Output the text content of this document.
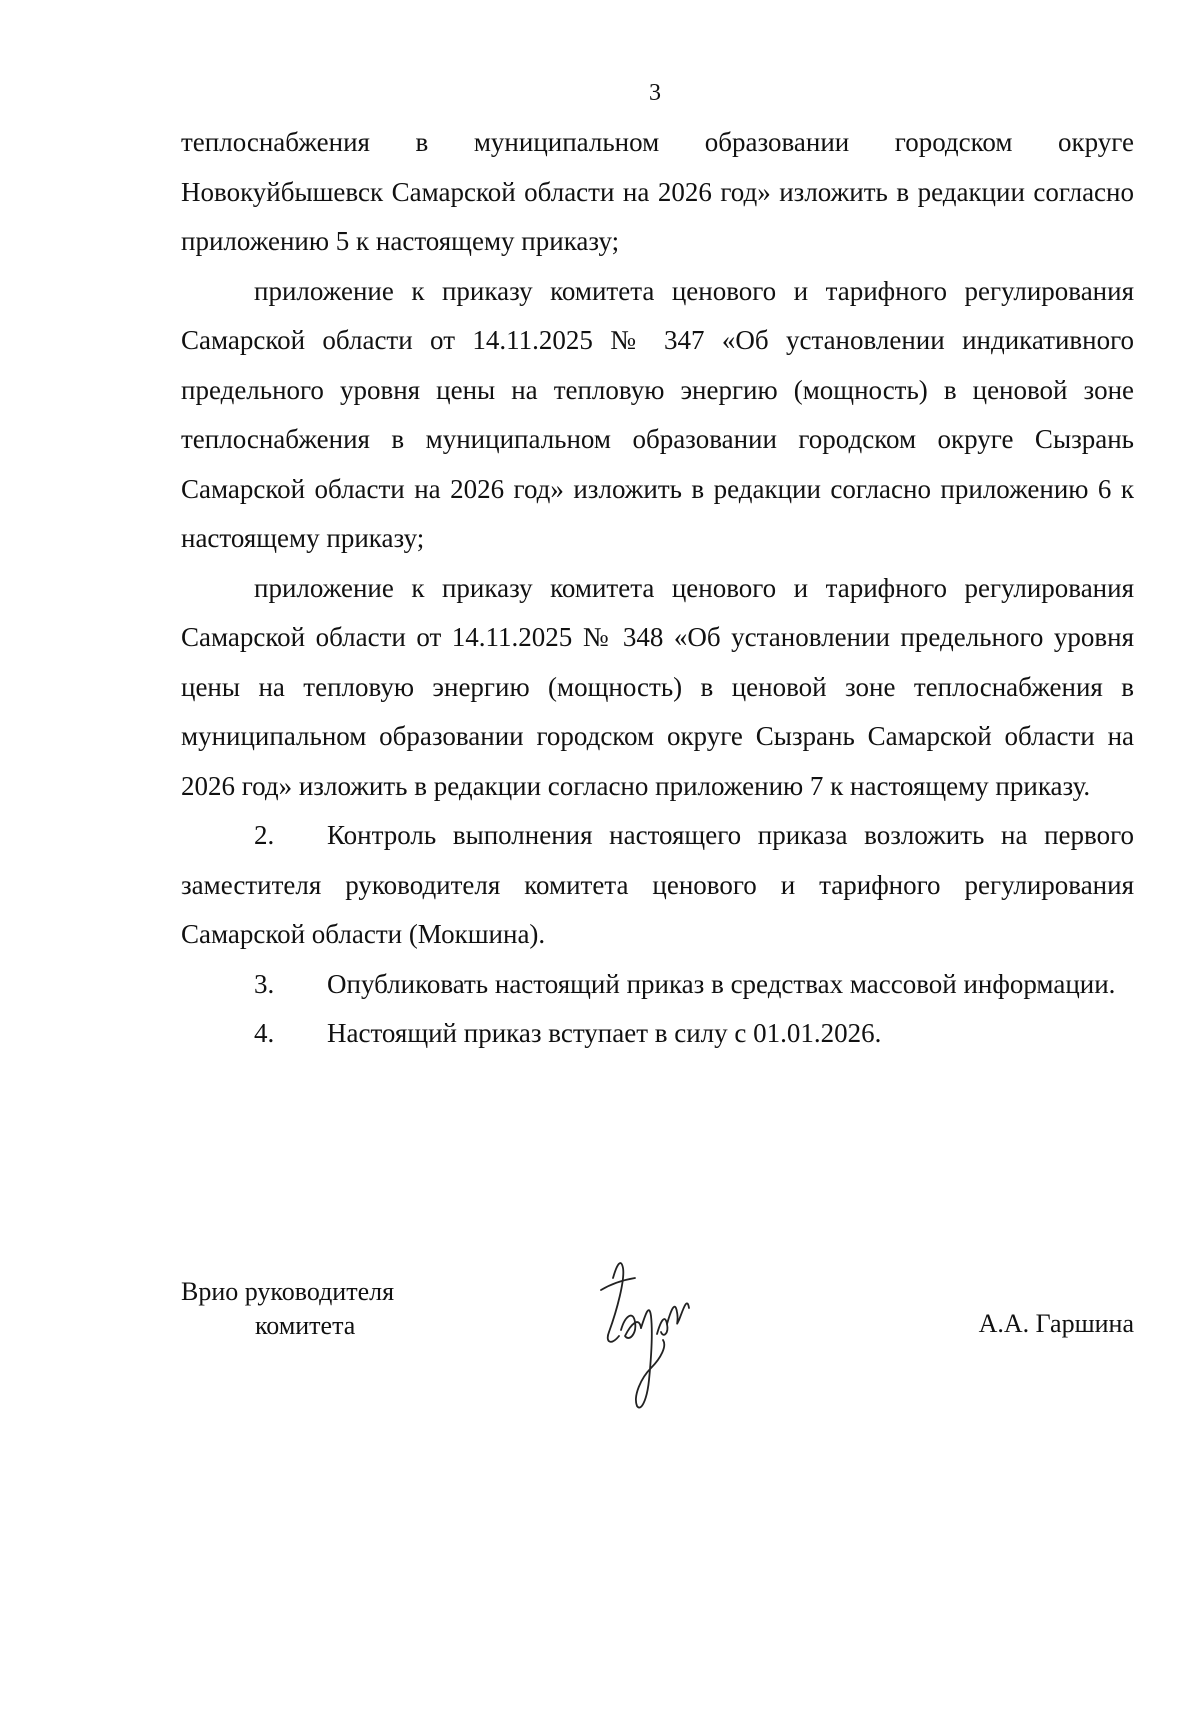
3

теплоснабжения в муниципальном образовании городском округе Новокуйбышевск Самарской области на 2026 год» изложить в редакции согласно приложению 5 к настоящему приказу;

приложение к приказу комитета ценового и тарифного регулирования Самарской области от 14.11.2025 № 347 «Об установлении индикативного предельного уровня цены на тепловую энергию (мощность) в ценовой зоне теплоснабжения в муниципальном образовании городском округе Сызрань Самарской области на 2026 год» изложить в редакции согласно приложению 6 к настоящему приказу;

приложение к приказу комитета ценового и тарифного регулирования Самарской области от 14.11.2025 № 348 «Об установлении предельного уровня цены на тепловую энергию (мощность) в ценовой зоне теплоснабжения в муниципальном образовании городском округе Сызрань Самарской области на 2026 год» изложить в редакции согласно приложению 7 к настоящему приказу.

2. Контроль выполнения настоящего приказа возложить на первого заместителя руководителя комитета ценового и тарифного регулирования Самарской области (Мокшина).

3. Опубликовать настоящий приказ в средствах массовой информации.

4. Настоящий приказ вступает в силу с 01.01.2026.

Врио руководителя
комитета	А.А. Гаршина
